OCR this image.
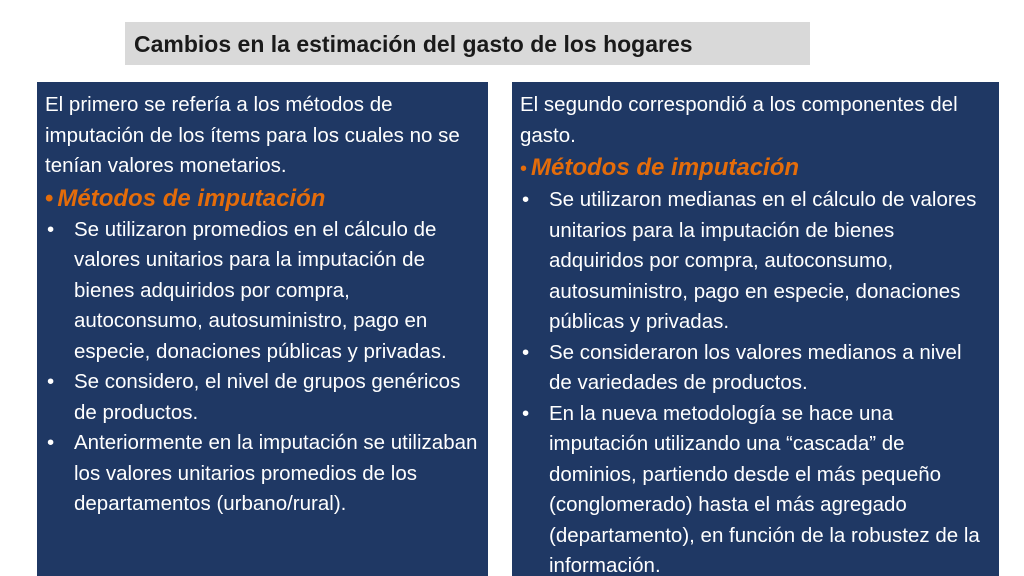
Cambios en la estimación del gasto de los hogares

El primero se refería a los métodos de imputación de los ítems para los cuales no se tenían valores monetarios.

• Métodos de imputación
• Se utilizaron promedios en el cálculo de valores unitarios para la imputación de bienes adquiridos por compra, autoconsumo, autosuministro, pago en especie, donaciones públicas y privadas.
• Se considero, el nivel de grupos genéricos de productos.
• Anteriormente en la imputación se utilizaban los valores unitarios promedios de los departamentos (urbano/rural).

El segundo correspondió a los componentes del gasto.

• Métodos de imputación
• Se utilizaron medianas en el cálculo de valores unitarios para la imputación de bienes adquiridos por compra, autoconsumo, autosuministro, pago en especie, donaciones públicas y privadas.
• Se consideraron los valores medianos a nivel de variedades de productos.
• En la nueva metodología se hace una imputación utilizando una “cascada” de dominios, partiendo desde el más pequeño (conglomerado) hasta el más agregado (departamento), en función de la robustez de la información.
